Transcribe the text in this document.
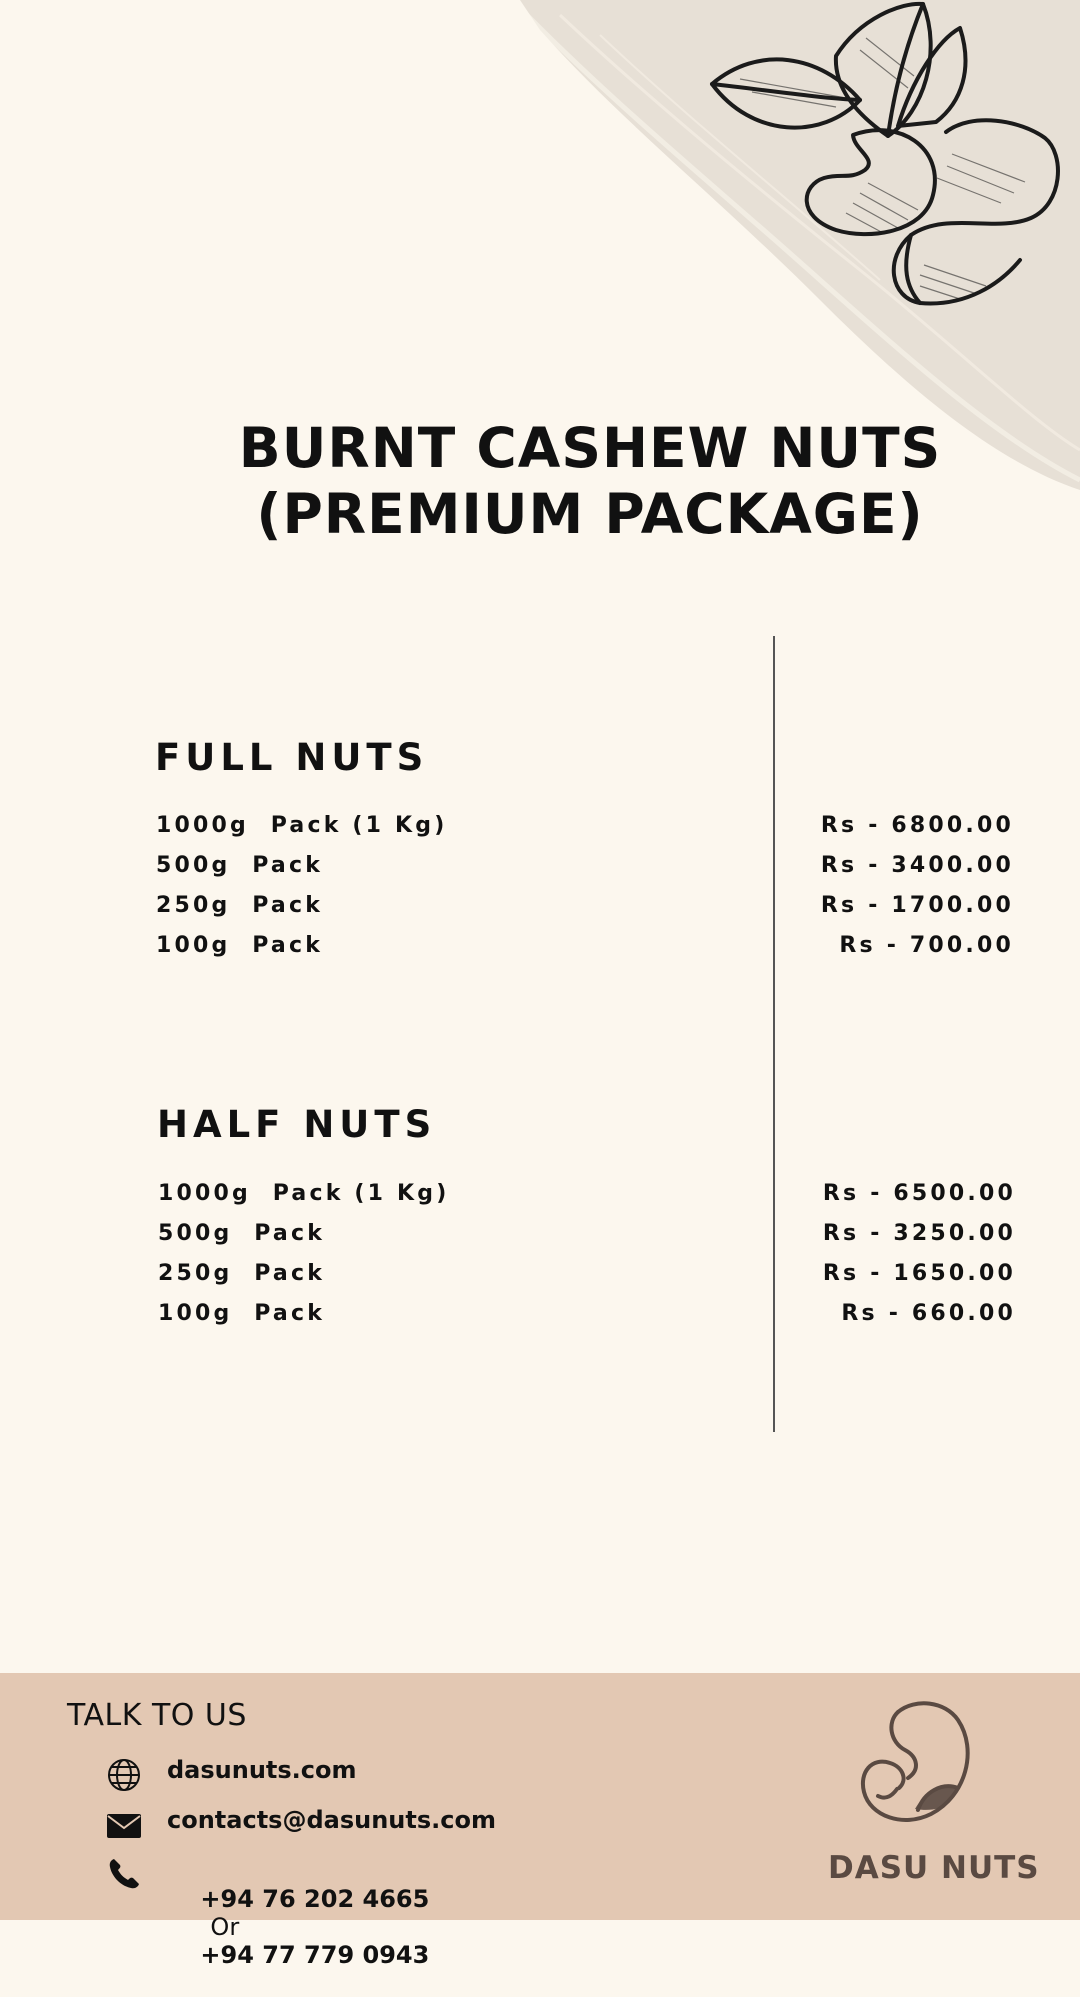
BURNT CASHEW NUTS
(PREMIUM PACKAGE)
FULL NUTS
1000g  Pack (1 Kg)	Rs - 6800.00
500g  Pack	Rs - 3400.00
250g  Pack	Rs - 1700.00
100g  Pack	Rs - 700.00
HALF NUTS
1000g  Pack (1 Kg)	Rs - 6500.00
500g  Pack	Rs - 3250.00
250g  Pack	Rs - 1650.00
100g  Pack	Rs - 660.00
TALK TO US
dasunuts.com
contacts@dasunuts.com

+94 76 202 4665
Or
+94 77 779 0943

DASU NUTS
